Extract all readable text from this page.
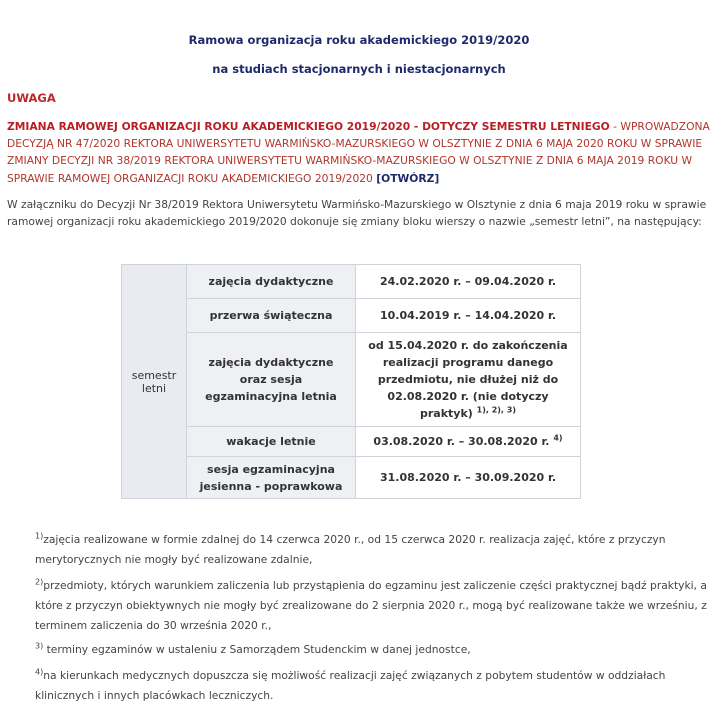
Ramowa organizacja roku akademickiego 2019/2020
na studiach stacjonarnych i niestacjonarnych
UWAGA
ZMIANA RAMOWEJ ORGANIZACJI ROKU AKADEMICKIEGO 2019/2020 - DOTYCZY SEMESTRU LETNIEGO - WPROWADZONA DECYZJĄ NR 47/2020 REKTORA UNIWERSYTETU WARMIŃSKO-MAZURSKIEGO W OLSZTYNIE Z DNIA 6 MAJA 2020 ROKU W SPRAWIE ZMIANY DECYZJI NR 38/2019 REKTORA UNIWERSYTETU WARMIŃSKO-MAZURSKIEGO W OLSZTYNIE Z DNIA 6 MAJA 2019 ROKU W SPRAWIE RAMOWEJ ORGANIZACJI ROKU AKADEMICKIEGO 2019/2020 [OTWÓRZ]
W załączniku do Decyzji Nr 38/2019 Rektora Uniwersytetu Warmińsko-Mazurskiego w Olsztynie z dnia 6 maja 2019 roku w sprawie ramowej organizacji roku akademickiego 2019/2020 dokonuje się zmiany bloku wierszy o nazwie „semestr letni”, na następujący:
semestr letni	zajęcia dydaktyczne	24.02.2020 r. – 09.04.2020 r.
	przerwa świąteczna	10.04.2019 r. – 14.04.2020 r.
	zajęcia dydaktyczne oraz sesja egzaminacyjna letnia	od 15.04.2020 r. do zakończenia realizacji programu danego przedmiotu, nie dłużej niż do 02.08.2020 r. (nie dotyczy praktyk) $^{1), 2), 3)}$
	wakacje letnie	03.08.2020 r. – 30.08.2020 r. $^{4)}$
	sesja egzaminacyjna jesienna - poprawkowa	31.08.2020 r. – 30.09.2020 r.
$^{1)}$zajęcia realizowane w formie zdalnej do 14 czerwca 2020 r., od 15 czerwca 2020 r. realizacja zajęć, które z przyczyn merytorycznych nie mogły być realizowane zdalnie,
$^{2)}$przedmioty, których warunkiem zaliczenia lub przystąpienia do egzaminu jest zaliczenie części praktycznej bądź praktyki, a które z przyczyn obiektywnych nie mogły być zrealizowane do 2 sierpnia 2020 r., mogą być realizowane także we wrześniu, z terminem zaliczenia do 30 września 2020 r.,
$^{3)}$ terminy egzaminów w ustaleniu z Samorządem Studenckim w danej jednostce,
$^{4)}$na kierunkach medycznych dopuszcza się możliwość realizacji zajęć związanych z pobytem studentów w oddziałach klinicznych i innych placówkach leczniczych.
